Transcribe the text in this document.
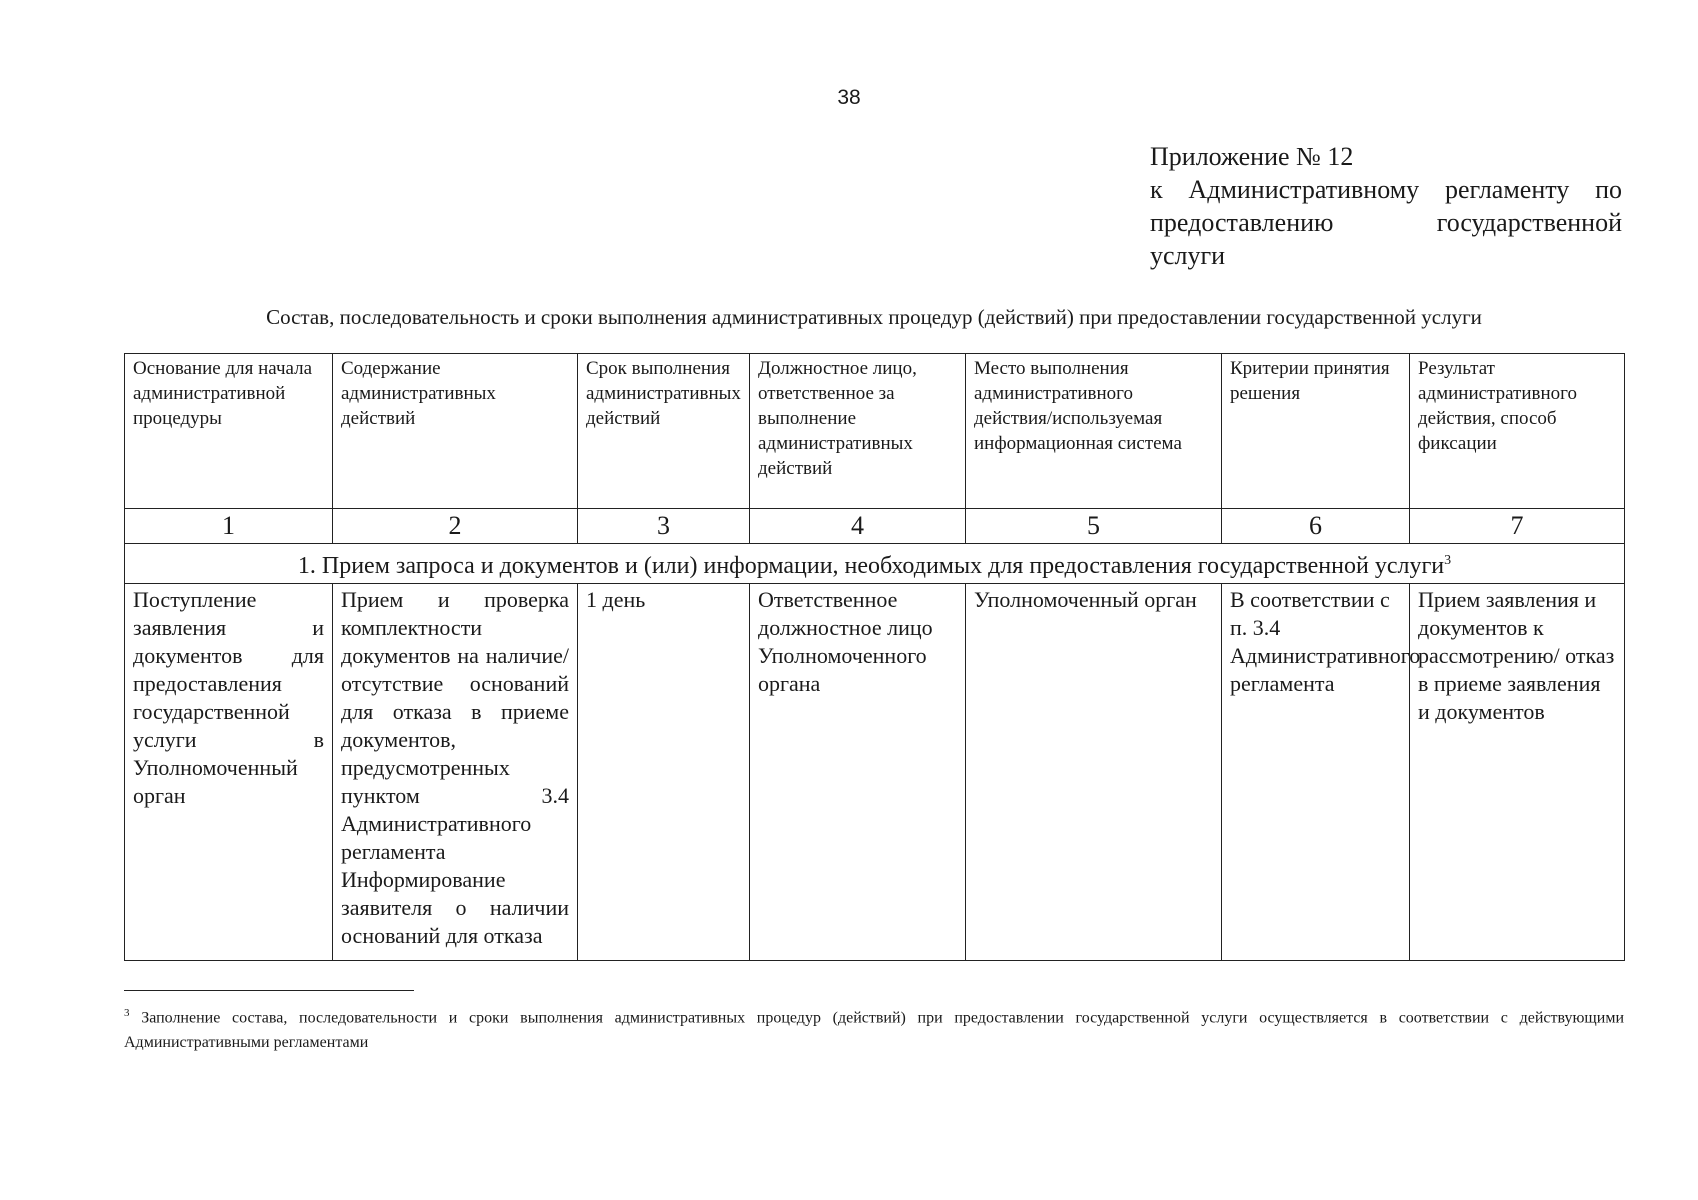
38
Приложение № 12
к Административному регламенту по
предоставлению государственной
услуги
Состав, последовательность и сроки выполнения административных процедур (действий) при предоставлении государственной услуги
Основание для начала административной процедуры	Содержание административных действий	Срок выполнения административных действий	Должностное лицо, ответственное за выполнение административных действий	Место выполнения административного действия/используемая информационная система	Критерии принятия решения	Результат административного действия, способ фиксации
1	2	3	4	5	6	7
1. Прием запроса и документов и (или) информации, необходимых для предоставления государственной услуги$^3$
Поступление заявления и документов для предоставления государственной услуги в Уполномоченный орган	Прием и проверка комплектности документов на наличие/отсутствие оснований для отказа в приеме документов, предусмотренных пунктом 3.4 Административного регламента Информирование заявителя о наличии оснований для отказа	1 день	Ответственное должностное лицо Уполномоченного органа	Уполномоченный орган	В соответствии с п. 3.4 Административного регламента	Прием заявления и документов к рассмотрению/ отказ в приеме заявления и документов
$^3$ Заполнение состава, последовательности и сроки выполнения административных процедур (действий) при предоставлении государственной услуги осуществляется в соответствии с действующими Административными регламентами
